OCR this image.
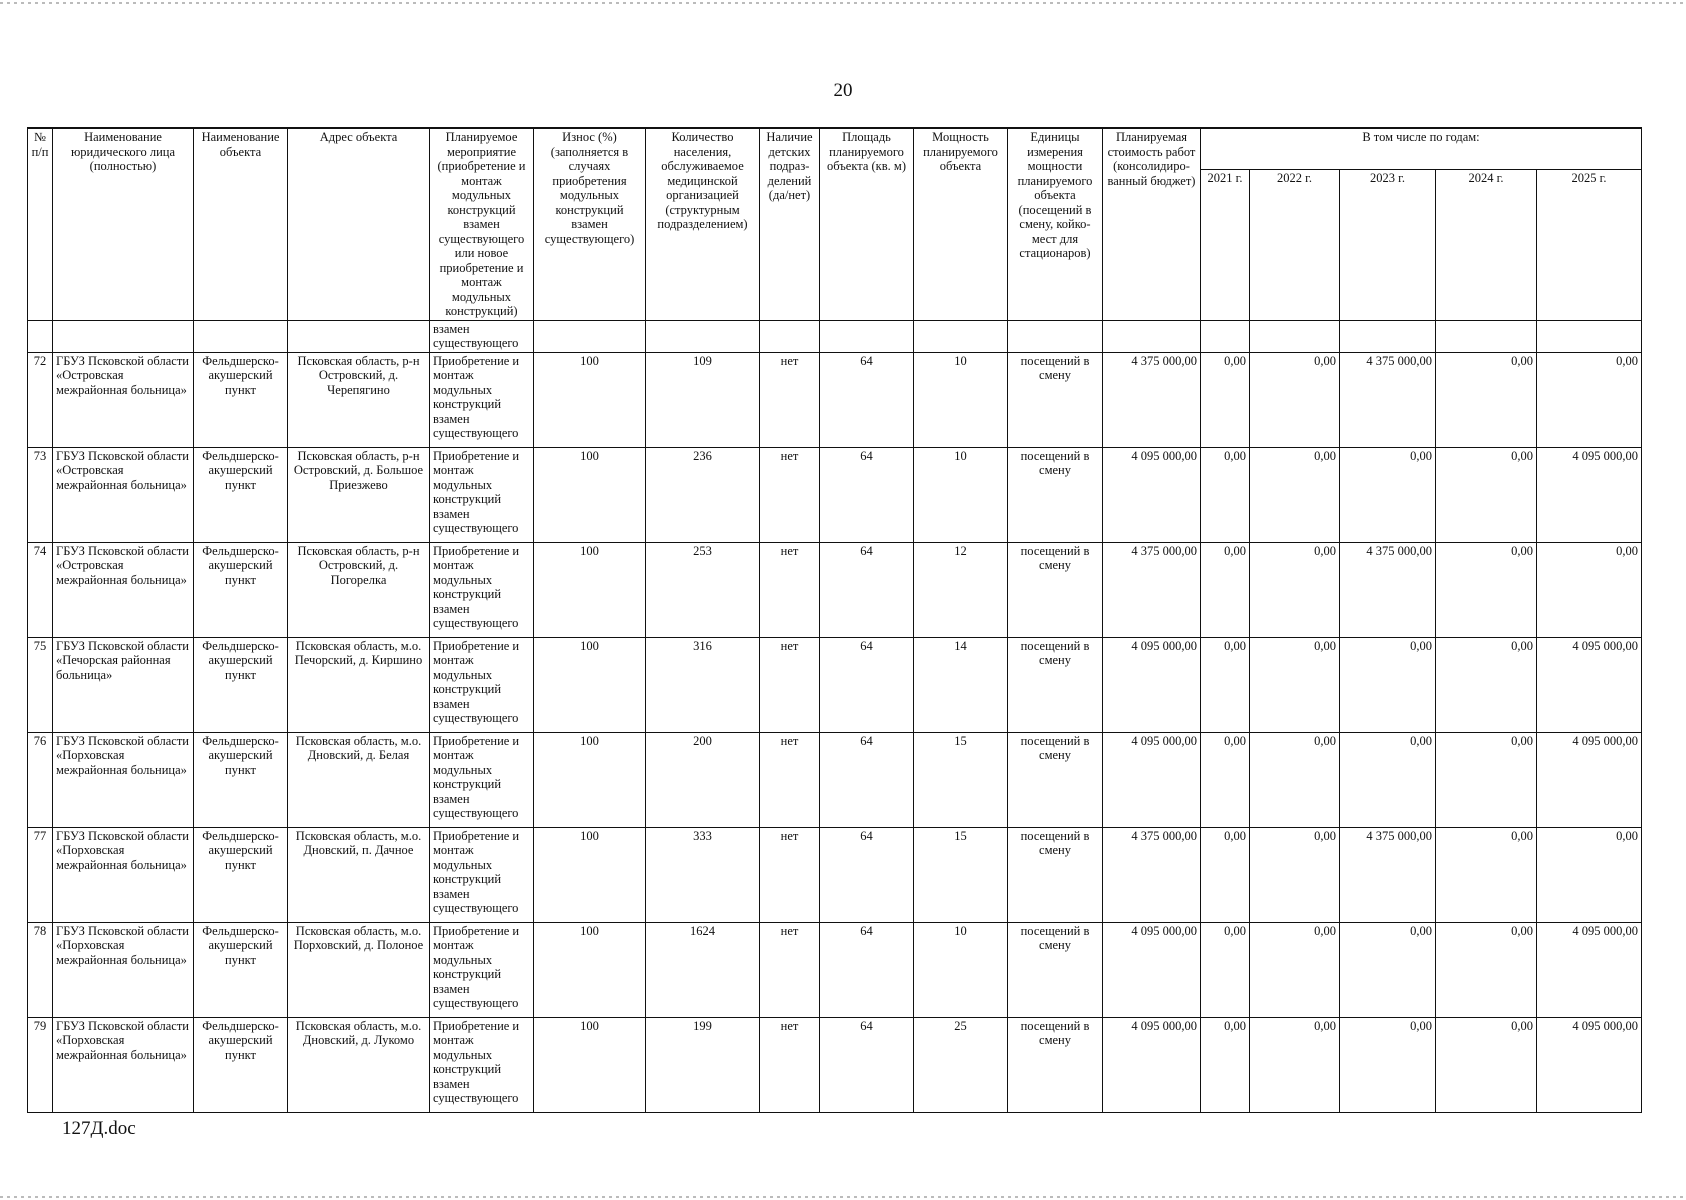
20
№ п/п	Наименование юридического лица (полностью)	Наименование объекта	Адрес объекта	Планируемое мероприятие (приобретение и монтаж модульных конструкций взамен существующего или новое приобретение и монтаж модульных конструкций)	Износ (%) (заполняется в случаях приобретения модульных конструкций взамен существующего)	Количество населения, обслуживаемое медицинской организацией (структурным подразделением)	Наличие детских подраз-делений (да/нет)	Площадь планируемого объекта (кв. м)	Мощность планируемого объекта	Единицы измерения мощности планируемого объекта (посещений в смену, койко-мест для стационаров)	Планируемая стоимость работ (консолидиро-ванный бюджет)	В том числе по годам:				
												2021 г.	2022 г.	2023 г.	2024 г.	2025 г.
				взамен существующего												
72	ГБУЗ Псковской области «Островская межрайонная больница»	Фельдшерско-акушерский пункт	Псковская область, р-н Островский, д. Черепягино	Приобретение и монтаж модульных конструкций взамен существующего	100	109	нет	64	10	посещений в смену	4 375 000,00	0,00	0,00	4 375 000,00	0,00	0,00
73	ГБУЗ Псковской области «Островская межрайонная больница»	Фельдшерско-акушерский пункт	Псковская область, р-н Островский, д. Большое Приезжево	Приобретение и монтаж модульных конструкций взамен существующего	100	236	нет	64	10	посещений в смену	4 095 000,00	0,00	0,00	0,00	0,00	4 095 000,00
74	ГБУЗ Псковской области «Островская межрайонная больница»	Фельдшерско-акушерский пункт	Псковская область, р-н Островский, д. Погорелка	Приобретение и монтаж модульных конструкций взамен существующего	100	253	нет	64	12	посещений в смену	4 375 000,00	0,00	0,00	4 375 000,00	0,00	0,00
75	ГБУЗ Псковской области «Печорская районная больница»	Фельдшерско-акушерский пункт	Псковская область, м.о. Печорский, д. Киршино	Приобретение и монтаж модульных конструкций взамен существующего	100	316	нет	64	14	посещений в смену	4 095 000,00	0,00	0,00	0,00	0,00	4 095 000,00
76	ГБУЗ Псковской области «Порховская межрайонная больница»	Фельдшерско-акушерский пункт	Псковская область, м.о. Дновский, д. Белая	Приобретение и монтаж модульных конструкций взамен существующего	100	200	нет	64	15	посещений в смену	4 095 000,00	0,00	0,00	0,00	0,00	4 095 000,00
77	ГБУЗ Псковской области «Порховская межрайонная больница»	Фельдшерско-акушерский пункт	Псковская область, м.о. Дновский, п. Дачное	Приобретение и монтаж модульных конструкций взамен существующего	100	333	нет	64	15	посещений в смену	4 375 000,00	0,00	0,00	4 375 000,00	0,00	0,00
78	ГБУЗ Псковской области «Порховская межрайонная больница»	Фельдшерско-акушерский пункт	Псковская область, м.о. Порховский, д. Полоное	Приобретение и монтаж модульных конструкций взамен существующего	100	1624	нет	64	10	посещений в смену	4 095 000,00	0,00	0,00	0,00	0,00	4 095 000,00
79	ГБУЗ Псковской области «Порховская межрайонная больница»	Фельдшерско-акушерский пункт	Псковская область, м.о. Дновский, д. Лукомо	Приобретение и монтаж модульных конструкций взамен существующего	100	199	нет	64	25	посещений в смену	4 095 000,00	0,00	0,00	0,00	0,00	4 095 000,00
127Д.doc
